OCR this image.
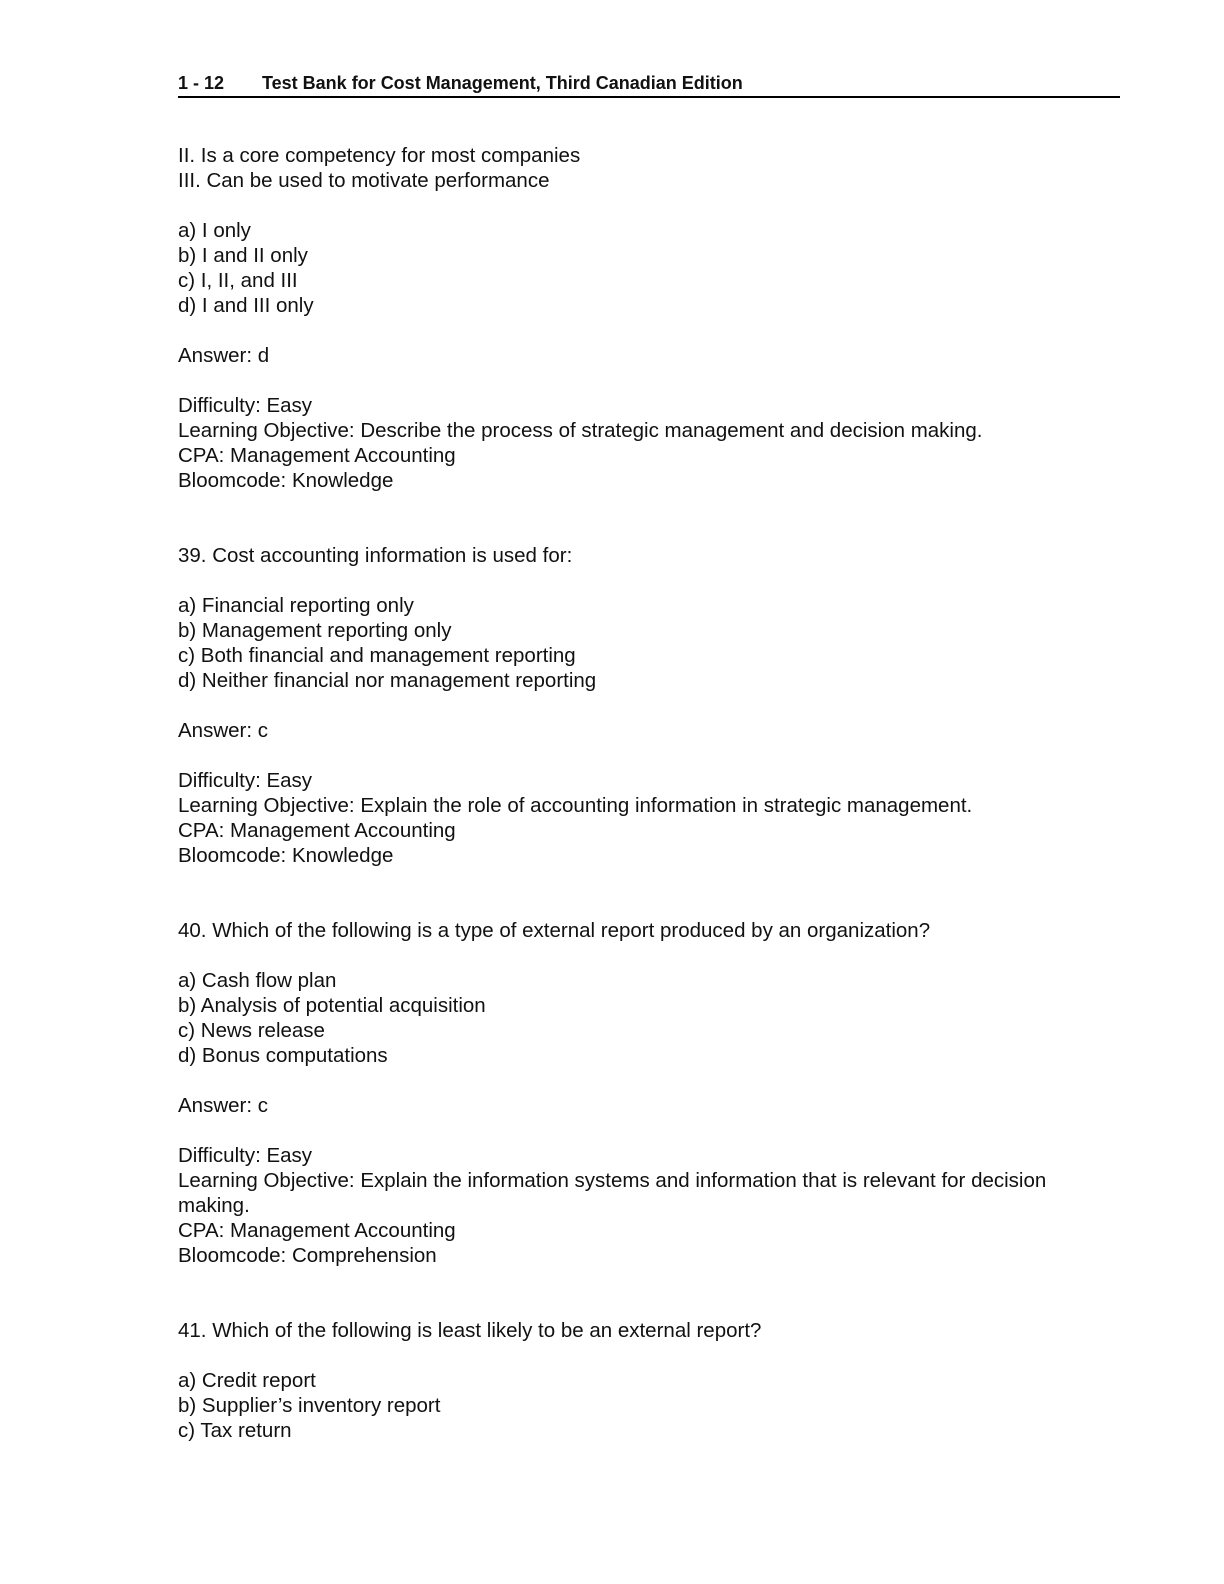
1 - 12 Test Bank for Cost Management, Third Canadian Edition
II. Is a core competency for most companies
III. Can be used to motivate performance
a) I only
b) I and II only
c) I, II, and III
d) I and III only
Answer: d
Difficulty: Easy
Learning Objective: Describe the process of strategic management and decision making.
CPA: Management Accounting
Bloomcode: Knowledge
39. Cost accounting information is used for:
a) Financial reporting only
b) Management reporting only
c) Both financial and management reporting
d) Neither financial nor management reporting
Answer: c
Difficulty: Easy
Learning Objective: Explain the role of accounting information in strategic management.
CPA: Management Accounting
Bloomcode: Knowledge
40. Which of the following is a type of external report produced by an organization?
a) Cash flow plan
b) Analysis of potential acquisition
c) News release
d) Bonus computations
Answer: c
Difficulty: Easy
Learning Objective: Explain the information systems and information that is relevant for decision making.
CPA: Management Accounting
Bloomcode: Comprehension
41. Which of the following is least likely to be an external report?
a) Credit report
b) Supplier’s inventory report
c) Tax return
